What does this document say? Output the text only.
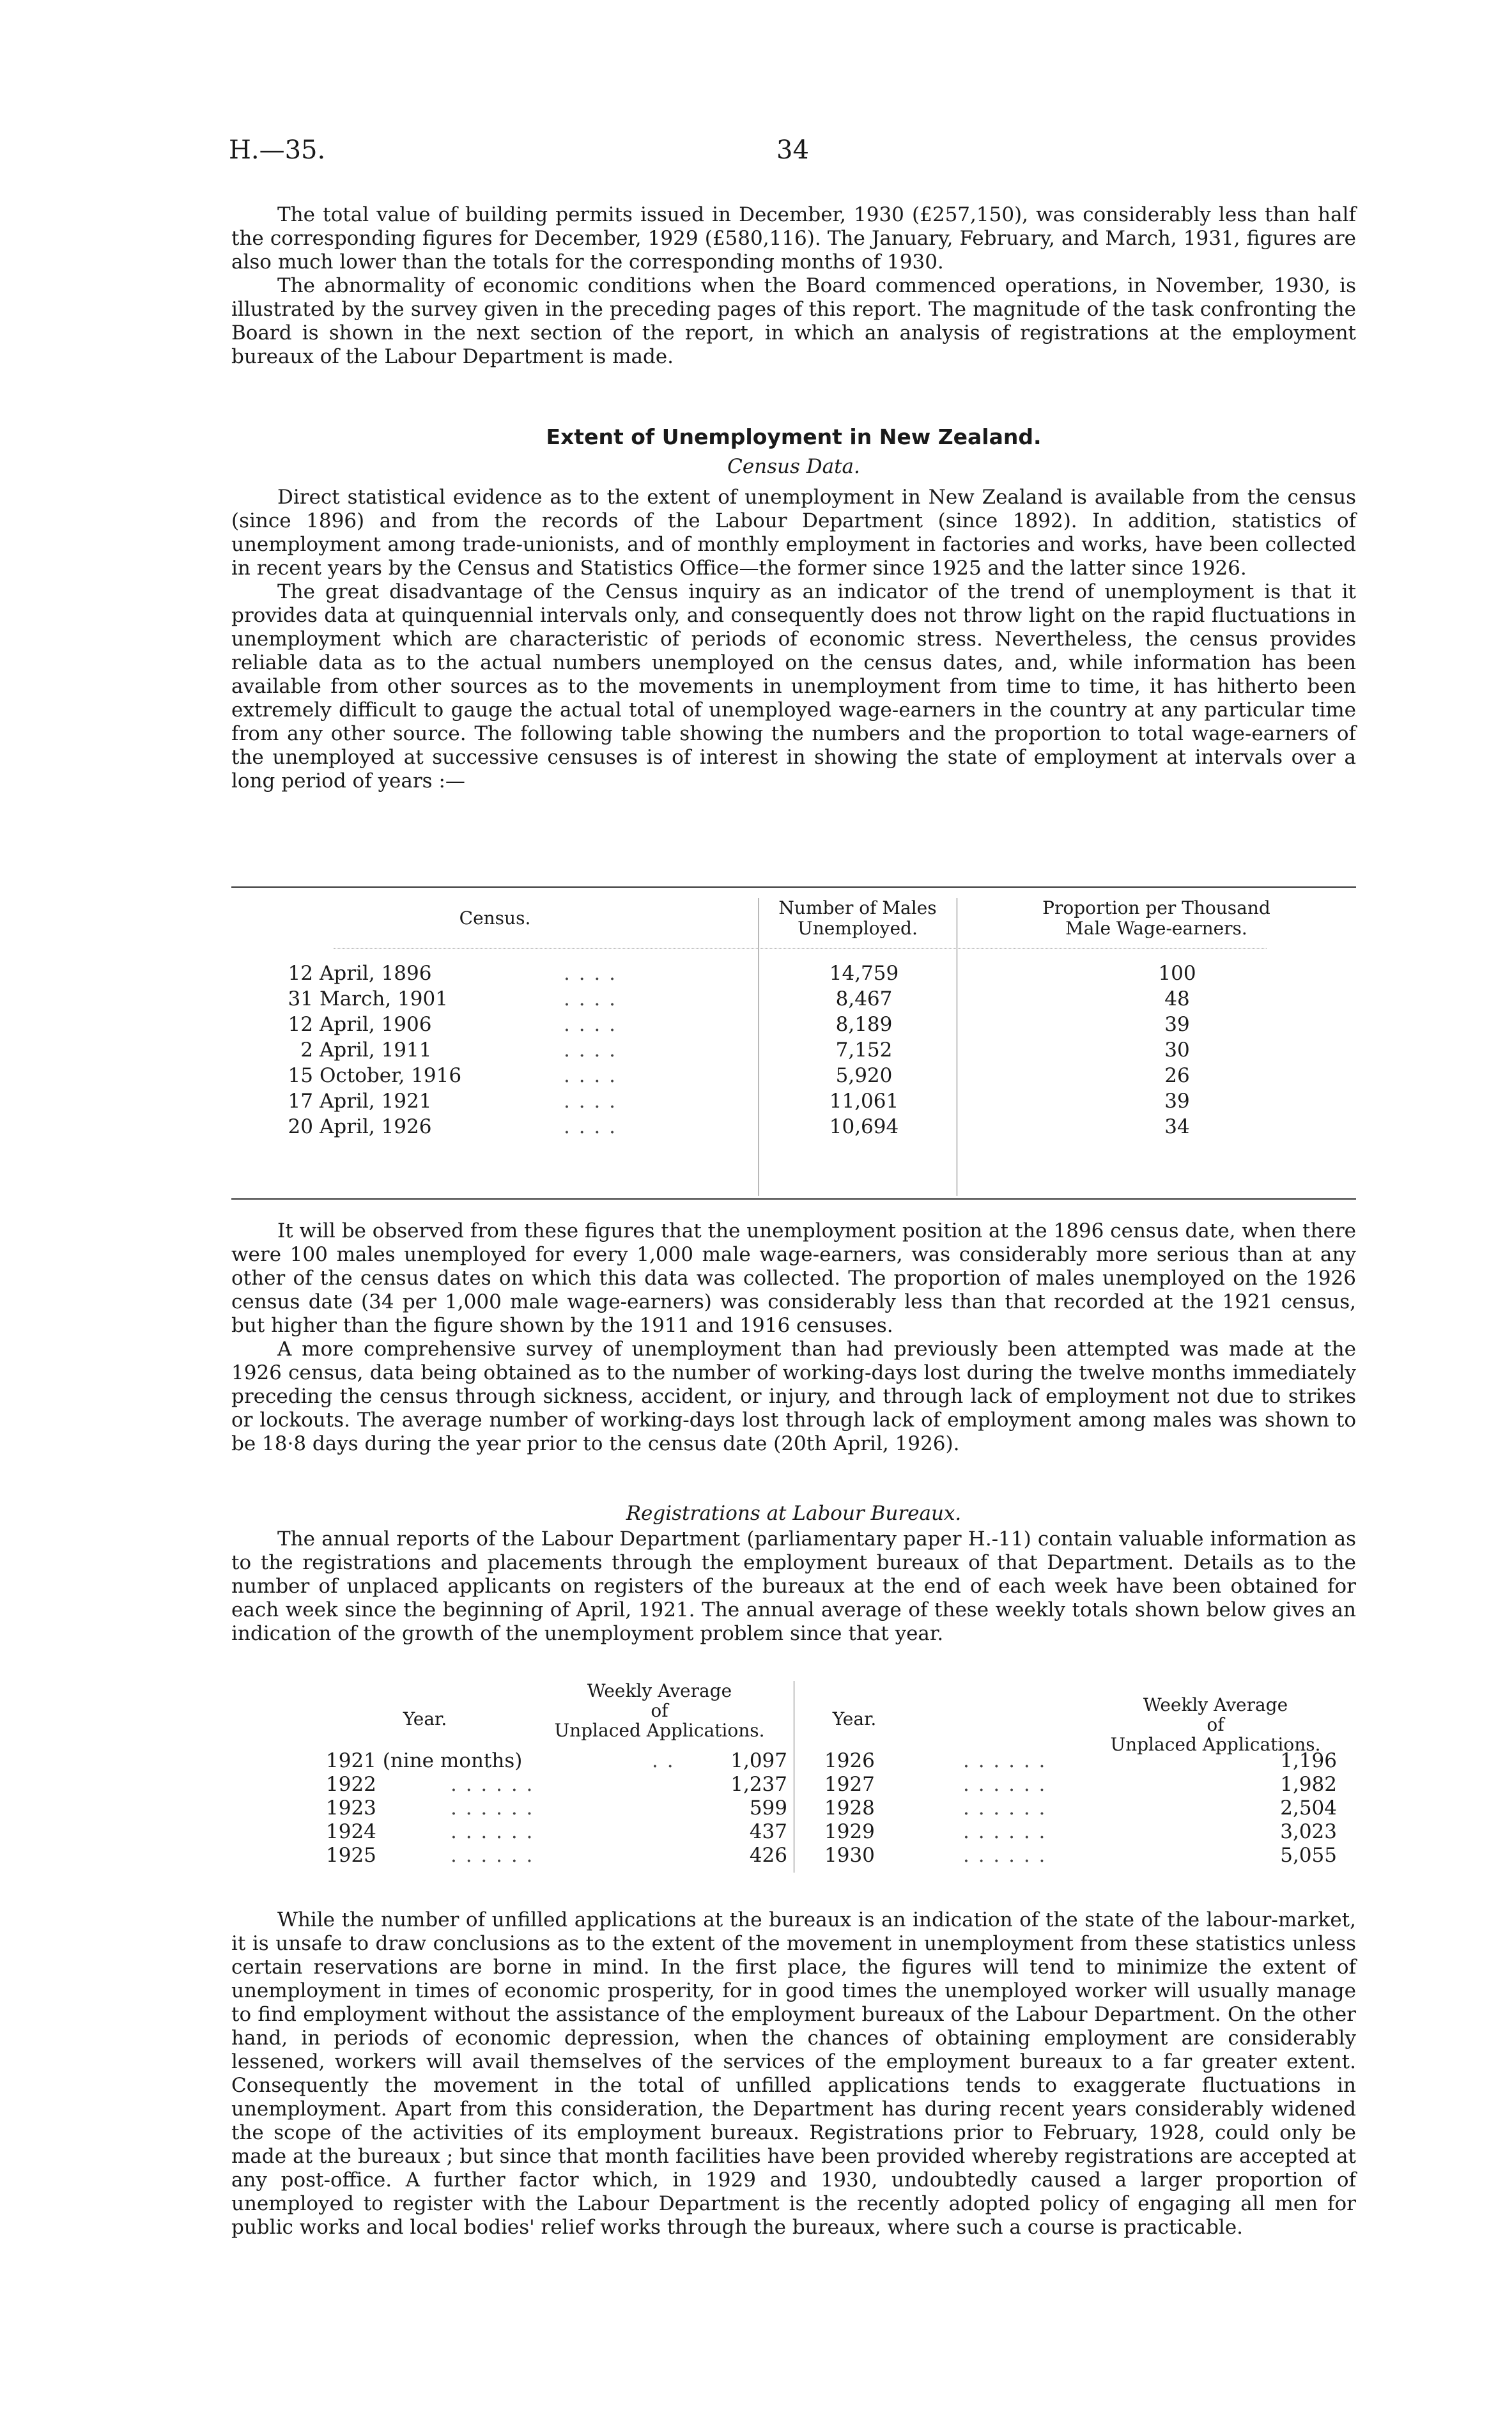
H.—35.	34

The total value of building permits issued in December, 1930 (£257,150), was considerably less than half the corresponding figures for December, 1929 (£580,116). The January, February, and March, 1931, figures are also much lower than the totals for the corresponding months of 1930.

The abnormality of economic conditions when the Board commenced operations, in November, 1930, is illustrated by the survey given in the preceding pages of this report. The magnitude of the task confronting the Board is shown in the next section of the report, in which an analysis of registrations at the employment bureaux of the Labour Department is made.

Extent of Unemployment in New Zealand.
Census Data.

Direct statistical evidence as to the extent of unemployment in New Zealand is available from the census (since 1896) and from the records of the Labour Department (since 1892). In addition, statistics of unemployment among trade-unionists, and of monthly employment in factories and works, have been collected in recent years by the Census and Statistics Office—the former since 1925 and the latter since 1926.

The great disadvantage of the Census inquiry as an indicator of the trend of unemployment is that it provides data at quinquennial intervals only, and consequently does not throw light on the rapid fluctuations in unemployment which are characteristic of periods of economic stress. Nevertheless, the census provides reliable data as to the actual numbers unemployed on the census dates, and, while information has been available from other sources as to the movements in unemployment from time to time, it has hitherto been extremely difficult to gauge the actual total of unemployed wage-earners in the country at any particular time from any other source. The following table showing the numbers and the proportion to total wage-earners of the unemployed at successive censuses is of interest in showing the state of employment at intervals over a long period of years :—

Census.	Number of Males
Unemployed.
Proportion per Thousand
Male Wage-earners.
12 April, 1896	. . . .	14,759	100
31 March, 1901	. . . .	8,467	48
12 April, 1906	. . . .	8,189	39
2 April, 1911	. . . .	7,152	30
15 October, 1916	. . . .	5,920	26
17 April, 1921	. . . .	11,061	39
20 April, 1926	. . . .	10,694	34

It will be observed from these figures that the unemployment position at the 1896 census date, when there were 100 males unemployed for every 1,000 male wage-earners, was considerably more serious than at any other of the census dates on which this data was collected. The proportion of males unemployed on the 1926 census date (34 per 1,000 male wage-earners) was considerably less than that recorded at the 1921 census, but higher than the figure shown by the 1911 and 1916 censuses.

A more comprehensive survey of unemployment than had previously been attempted was made at the 1926 census, data being obtained as to the number of working-days lost during the twelve months immediately preceding the census through sickness, accident, or injury, and through lack of employment not due to strikes or lockouts. The average number of working-days lost through lack of employment among males was shown to be 18·8 days during the year prior to the census date (20th April, 1926).

Registrations at Labour Bureaux.

The annual reports of the Labour Department (parliamentary paper H.-11) contain valuable information as to the registrations and placements through the employment bureaux of that Department. Details as to the number of unplaced applicants on registers of the bureaux at the end of each week have been obtained for each week since the beginning of April, 1921. The annual average of these weekly totals shown below gives an indication of the growth of the unemployment problem since that year.

Year.
Weekly Average
of
Unplaced Applications.
Year.
Weekly Average
of
Unplaced Applications.
1921 (nine months)	. .	1,097
1922	. . . . . .	1,237
1923	. . . . . .	599
1924	. . . . . .	437
1925	. . . . . .	426
1926	. . . . . .	1,196
1927	. . . . . .	1,982
1928	. . . . . .	2,504
1929	. . . . . .	3,023
1930	. . . . . .	5,055

While the number of unfilled applications at the bureaux is an indication of the state of the labour-market, it is unsafe to draw conclusions as to the extent of the movement in unemployment from these statistics unless certain reservations are borne in mind. In the first place, the figures will tend to minimize the extent of unemployment in times of economic prosperity, for in good times the unemployed worker will usually manage to find employment without the assistance of the employment bureaux of the Labour Department. On the other hand, in periods of economic depression, when the chances of obtaining employment are considerably lessened, workers will avail themselves of the services of the employment bureaux to a far greater extent. Consequently the movement in the total of unfilled applications tends to exaggerate fluctuations in unemployment. Apart from this consideration, the Department has during recent years considerably widened the scope of the activities of its employment bureaux. Registrations prior to February, 1928, could only be made at the bureaux ; but since that month facilities have been provided whereby registrations are accepted at any post-office. A further factor which, in 1929 and 1930, undoubtedly caused a larger proportion of unemployed to register with the Labour Department is the recently adopted policy of engaging all men for public works and local bodies' relief works through the bureaux, where such a course is practicable.
